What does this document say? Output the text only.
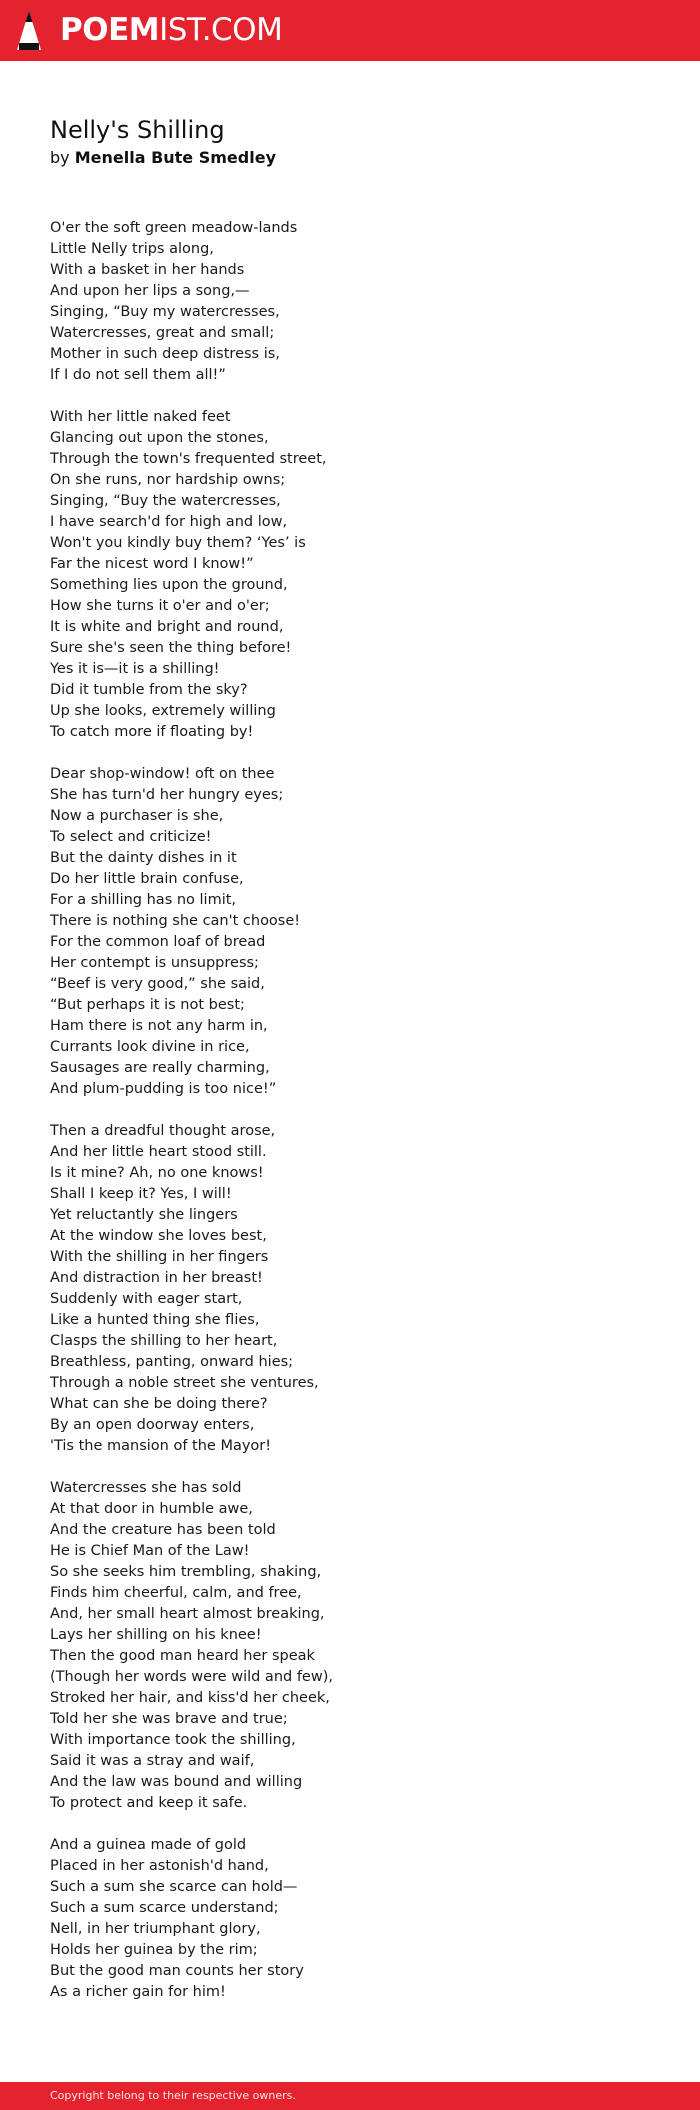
POEMIST.COM
Nelly's Shilling
by Menella Bute Smedley
O'er the soft green meadow-lands
Little Nelly trips along,
With a basket in her hands
And upon her lips a song,—
Singing, “Buy my watercresses,
Watercresses, great and small;
Mother in such deep distress is,
If I do not sell them all!”
With her little naked feet
Glancing out upon the stones,
Through the town's frequented street,
On she runs, nor hardship owns;
Singing, “Buy the watercresses,
I have search'd for high and low,
Won't you kindly buy them? ‘Yes’ is
Far the nicest word I know!”
Something lies upon the ground,
How she turns it o'er and o'er;
It is white and bright and round,
Sure she's seen the thing before!
Yes it is—it is a shilling!
Did it tumble from the sky?
Up she looks, extremely willing
To catch more if floating by!
Dear shop-window! oft on thee
She has turn'd her hungry eyes;
Now a purchaser is she,
To select and criticize!
But the dainty dishes in it
Do her little brain confuse,
For a shilling has no limit,
There is nothing she can't choose!
For the common loaf of bread
Her contempt is unsuppress;
“Beef is very good,” she said,
“But perhaps it is not best;
Ham there is not any harm in,
Currants look divine in rice,
Sausages are really charming,
And plum-pudding is too nice!”
Then a dreadful thought arose,
And her little heart stood still.
Is it mine? Ah, no one knows!
Shall I keep it? Yes, I will!
Yet reluctantly she lingers
At the window she loves best,
With the shilling in her fingers
And distraction in her breast!
Suddenly with eager start,
Like a hunted thing she flies,
Clasps the shilling to her heart,
Breathless, panting, onward hies;
Through a noble street she ventures,
What can she be doing there?
By an open doorway enters,
'Tis the mansion of the Mayor!
Watercresses she has sold
At that door in humble awe,
And the creature has been told
He is Chief Man of the Law!
So she seeks him trembling, shaking,
Finds him cheerful, calm, and free,
And, her small heart almost breaking,
Lays her shilling on his knee!
Then the good man heard her speak
(Though her words were wild and few),
Stroked her hair, and kiss'd her cheek,
Told her she was brave and true;
With importance took the shilling,
Said it was a stray and waif,
And the law was bound and willing
To protect and keep it safe.
And a guinea made of gold
Placed in her astonish'd hand,
Such a sum she scarce can hold—
Such a sum scarce understand;
Nell, in her triumphant glory,
Holds her guinea by the rim;
But the good man counts her story
As a richer gain for him!
Copyright belong to their respective owners.
